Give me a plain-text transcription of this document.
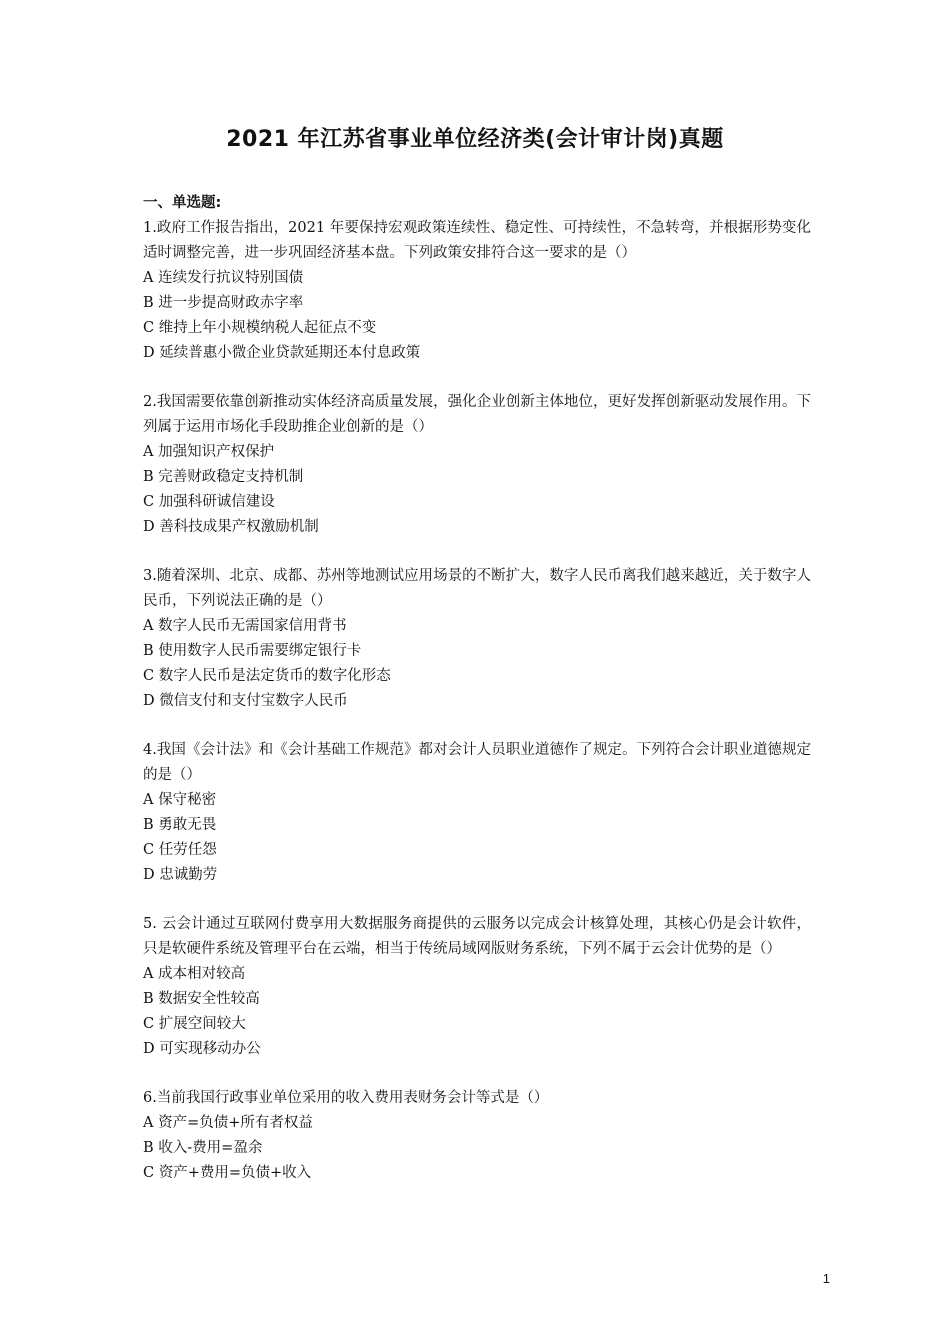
2021 年江苏省事业单位经济类(会计审计岗)真题
一、单选题:
1.政府工作报告指出，2021 年要保持宏观政策连续性、稳定性、可持续性，不急转弯，并根据形势变化适时调整完善，进一步巩固经济基本盘。下列政策安排符合这一要求的是（）
A 连续发行抗议特别国债
B 进一步提高财政赤字率
C 维持上年小规模纳税人起征点不变
D 延续普惠小微企业贷款延期还本付息政策
2.我国需要依靠创新推动实体经济高质量发展，强化企业创新主体地位，更好发挥创新驱动发展作用。下列属于运用市场化手段助推企业创新的是（）
A 加强知识产权保护
B 完善财政稳定支持机制
C 加强科研诚信建设
D 善科技成果产权激励机制
3.随着深圳、北京、成都、苏州等地测试应用场景的不断扩大，数字人民币离我们越来越近，关于数字人民币，下列说法正确的是（）
A 数字人民币无需国家信用背书
B 使用数字人民币需要绑定银行卡
C 数字人民币是法定货币的数字化形态
D 微信支付和支付宝数字人民币
4.我国《会计法》和《会计基础工作规范》都对会计人员职业道德作了规定。下列符合会计职业道德规定的是（）
A 保守秘密
B 勇敢无畏
C 任劳任怨
D 忠诚勤劳
5. 云会计通过互联网付费享用大数据服务商提供的云服务以完成会计核算处理，其核心仍是会计软件，只是软硬件系统及管理平台在云端，相当于传统局域网版财务系统，下列不属于云会计优势的是（）
A 成本相对较高
B 数据安全性较高
C 扩展空间较大
D 可实现移动办公
6.当前我国行政事业单位采用的收入费用表财务会计等式是（）
A 资产=负债+所有者权益
B 收入-费用=盈余
C 资产+费用=负债+收入
1
